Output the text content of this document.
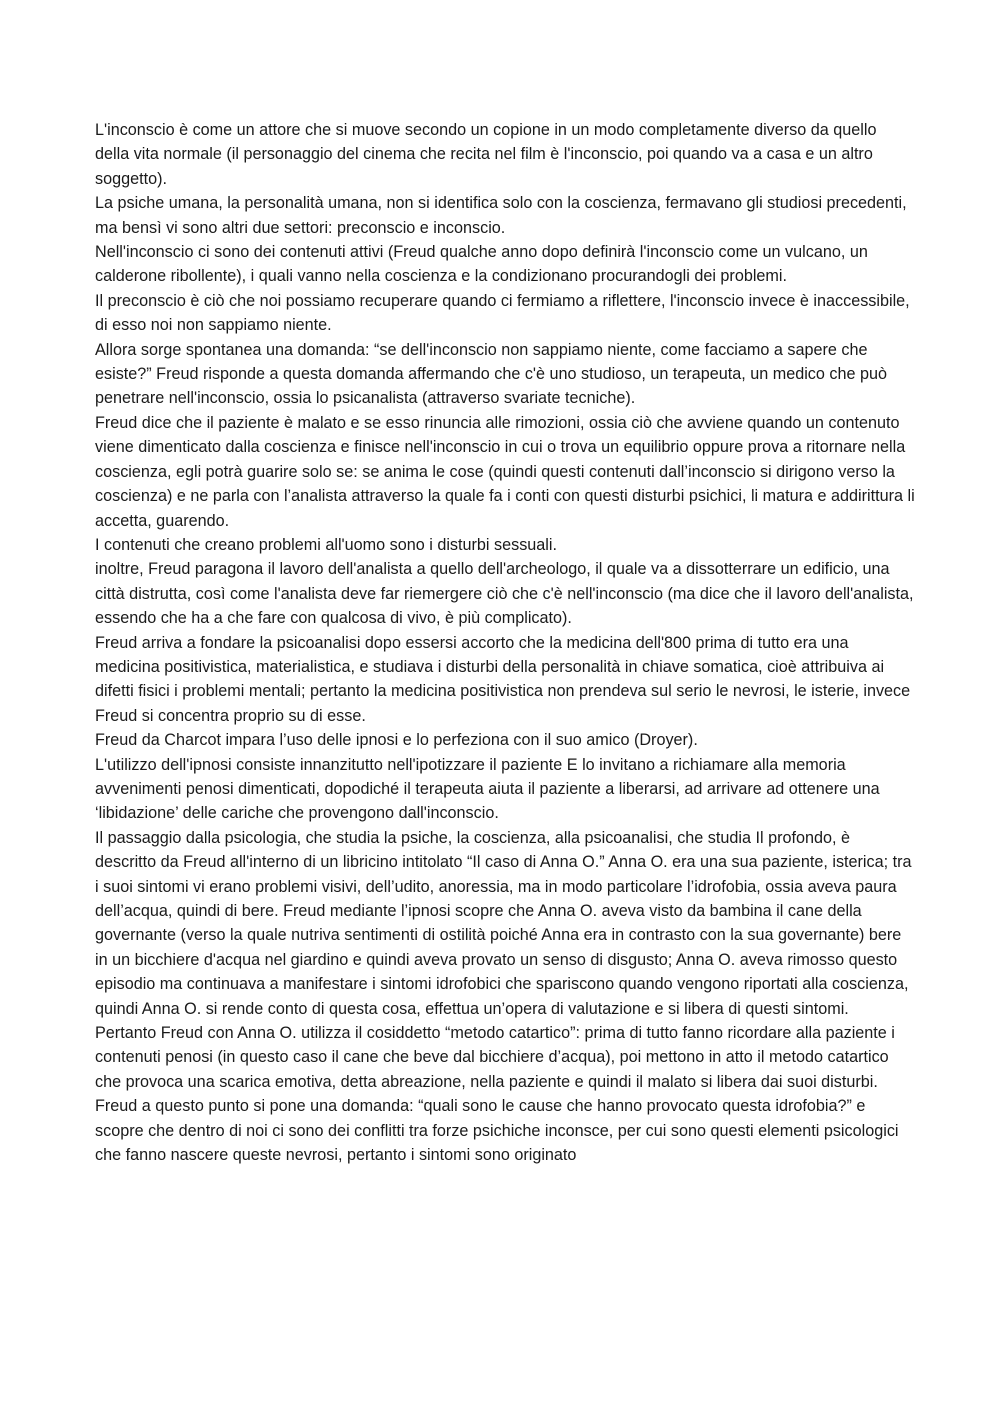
L'inconscio è come un attore che si muove secondo un copione in un modo completamente diverso da quello della vita normale (il personaggio del cinema che recita nel film è l'inconscio, poi quando va a casa e un altro soggetto).

La psiche umana, la personalità umana, non si identifica solo con la coscienza, fermavano gli studiosi precedenti, ma bensì vi sono altri due settori: preconscio e inconscio.

Nell'inconscio ci sono dei contenuti attivi (Freud qualche anno dopo definirà l'inconscio come un vulcano, un calderone ribollente), i quali vanno nella coscienza e la condizionano procurandogli dei problemi.

Il preconscio è ciò che noi possiamo recuperare quando ci fermiamo a riflettere, l'inconscio invece è inaccessibile, di esso noi non sappiamo niente.

Allora sorge spontanea una domanda: “se dell'inconscio non sappiamo niente, come facciamo a sapere che esiste?” Freud risponde a questa domanda affermando che c'è uno studioso, un terapeuta, un medico che può penetrare nell'inconscio, ossia lo psicanalista (attraverso svariate tecniche).

Freud dice che il paziente è malato e se esso rinuncia alle rimozioni, ossia ciò che avviene quando un contenuto viene dimenticato dalla coscienza e finisce nell'inconscio in cui o trova un equilibrio oppure prova a ritornare nella coscienza, egli potrà guarire solo se: se anima le cose (quindi questi contenuti dall’inconscio si dirigono verso la coscienza) e ne parla con l’analista attraverso la quale fa i conti con questi disturbi psichici, li matura e addirittura li accetta, guarendo.

I contenuti che creano problemi all'uomo sono i disturbi sessuali.

inoltre, Freud paragona il lavoro dell'analista a quello dell'archeologo, il quale va a dissotterrare un edificio, una città distrutta, così come l'analista deve far riemergere ciò che c'è nell'inconscio (ma dice che il lavoro dell'analista, essendo che ha a che fare con qualcosa di vivo, è più complicato).

Freud arriva a fondare la psicoanalisi dopo essersi accorto che la medicina dell'800 prima di tutto era una medicina positivistica, materialistica, e studiava i disturbi della personalità in chiave somatica, cioè attribuiva ai difetti fisici i problemi mentali; pertanto la medicina positivistica non prendeva sul serio le nevrosi, le isterie, invece Freud si concentra proprio su di esse.

Freud da Charcot impara l’uso delle ipnosi e lo perfeziona con il suo amico (Droyer).

L'utilizzo dell'ipnosi consiste innanzitutto nell'ipotizzare il paziente E lo invitano a richiamare alla memoria avvenimenti penosi dimenticati, dopodiché il terapeuta aiuta il paziente a liberarsi, ad arrivare ad ottenere una ‘libidazione’ delle cariche che provengono dall'inconscio.

Il passaggio dalla psicologia, che studia la psiche, la coscienza, alla psicoanalisi, che studia Il profondo, è descritto da Freud all'interno di un libricino intitolato “Il caso di Anna O.” Anna O. era una sua paziente, isterica; tra i suoi sintomi vi erano problemi visivi, dell’udito, anoressia, ma in modo particolare l’idrofobia, ossia aveva paura dell’acqua, quindi di bere. Freud mediante l’ipnosi scopre che Anna O. aveva visto da bambina il cane della governante (verso la quale nutriva sentimenti di ostilità poiché Anna era in contrasto con la sua governante) bere in un bicchiere d'acqua nel giardino e quindi aveva provato un senso di disgusto; Anna O. aveva rimosso questo episodio ma continuava a manifestare i sintomi idrofobici che spariscono quando vengono riportati alla coscienza, quindi Anna O. si rende conto di questa cosa, effettua un’opera di valutazione e si libera di questi sintomi.

Pertanto Freud con Anna O. utilizza il cosiddetto “metodo catartico”: prima di tutto fanno ricordare alla paziente i contenuti penosi (in questo caso il cane che beve dal bicchiere d’acqua), poi mettono in atto il metodo catartico che provoca una scarica emotiva, detta abreazione, nella paziente e quindi il malato si libera dai suoi disturbi.

Freud a questo punto si pone una domanda: “quali sono le cause che hanno provocato questa idrofobia?” e scopre che dentro di noi ci sono dei conflitti tra forze psichiche inconsce, per cui sono questi elementi psicologici che fanno nascere queste nevrosi, pertanto i sintomi sono originato
